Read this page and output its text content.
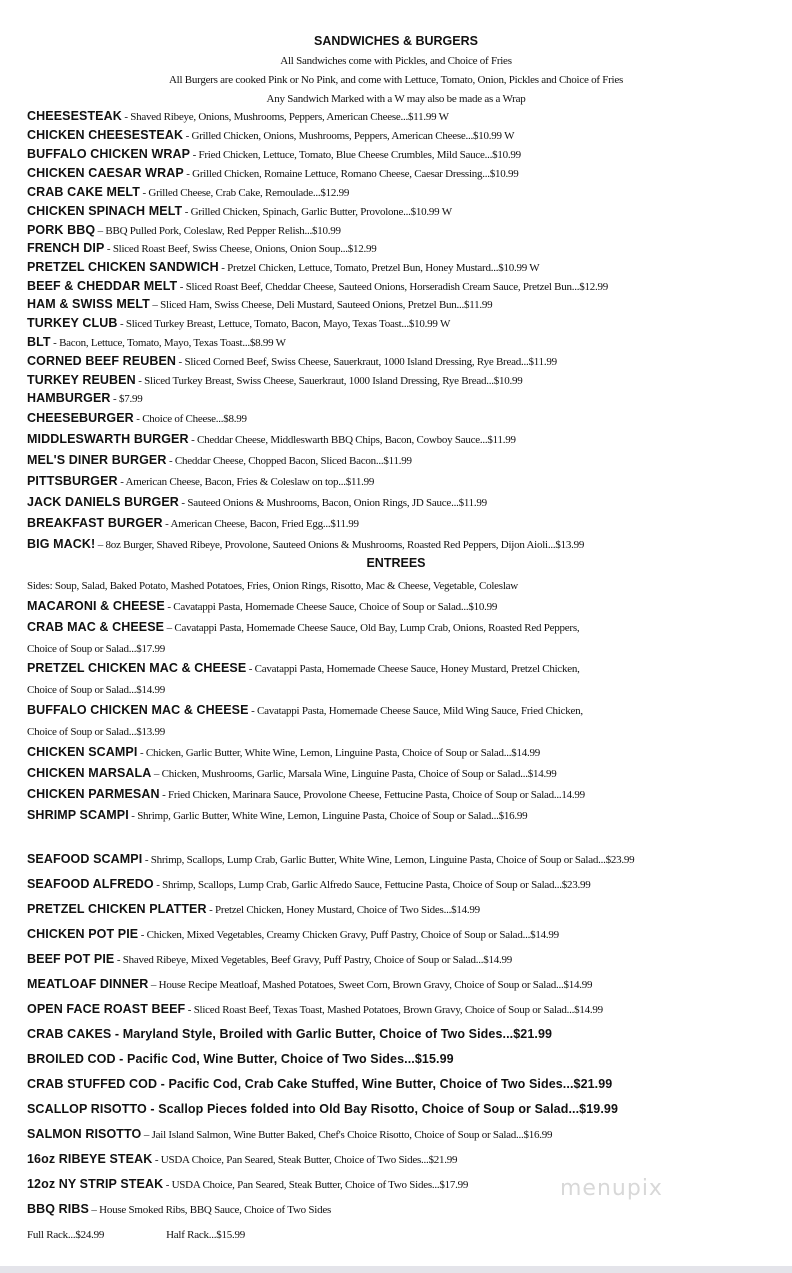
SANDWICHES & BURGERS
All Sandwiches come with Pickles, and Choice of Fries
All Burgers are cooked Pink or No Pink, and come with Lettuce, Tomato, Onion, Pickles and Choice of Fries
Any Sandwich Marked with a W may also be made as a Wrap
CHEESESTEAK - Shaved Ribeye, Onions, Mushrooms, Peppers, American Cheese...$11.99 W
CHICKEN CHEESESTEAK - Grilled Chicken, Onions, Mushrooms, Peppers, American Cheese...$10.99 W
BUFFALO CHICKEN WRAP - Fried Chicken, Lettuce, Tomato, Blue Cheese Crumbles, Mild Sauce...$10.99
CHICKEN CAESAR WRAP - Grilled Chicken, Romaine Lettuce, Romano Cheese, Caesar Dressing...$10.99
CRAB CAKE MELT - Grilled Cheese, Crab Cake, Remoulade...$12.99
CHICKEN SPINACH MELT - Grilled Chicken, Spinach, Garlic Butter, Provolone...$10.99 W
PORK BBQ – BBQ Pulled Pork, Coleslaw, Red Pepper Relish...$10.99
FRENCH DIP - Sliced Roast Beef, Swiss Cheese, Onions, Onion Soup...$12.99
PRETZEL CHICKEN SANDWICH - Pretzel Chicken, Lettuce, Tomato, Pretzel Bun, Honey Mustard...$10.99 W
BEEF & CHEDDAR MELT - Sliced Roast Beef, Cheddar Cheese, Sauteed Onions, Horseradish Cream Sauce, Pretzel Bun...$12.99
HAM & SWISS MELT – Sliced Ham, Swiss Cheese, Deli Mustard, Sauteed Onions, Pretzel Bun...$11.99
TURKEY CLUB - Sliced Turkey Breast, Lettuce, Tomato, Bacon, Mayo, Texas Toast...$10.99 W
BLT - Bacon, Lettuce, Tomato, Mayo, Texas Toast...$8.99 W
CORNED BEEF REUBEN - Sliced Corned Beef, Swiss Cheese, Sauerkraut, 1000 Island Dressing, Rye Bread...$11.99
TURKEY REUBEN - Sliced Turkey Breast, Swiss Cheese, Sauerkraut, 1000 Island Dressing, Rye Bread...$10.99
HAMBURGER - $7.99
CHEESEBURGER - Choice of Cheese...$8.99
MIDDLESWARTH BURGER - Cheddar Cheese, Middleswarth BBQ Chips, Bacon, Cowboy Sauce...$11.99
MEL'S DINER BURGER - Cheddar Cheese, Chopped Bacon, Sliced Bacon...$11.99
PITTSBURGER - American Cheese, Bacon, Fries & Coleslaw on top...$11.99
JACK DANIELS BURGER - Sauteed Onions & Mushrooms, Bacon, Onion Rings, JD Sauce...$11.99
BREAKFAST BURGER - American Cheese, Bacon, Fried Egg...$11.99
BIG MACK! – 8oz Burger, Shaved Ribeye, Provolone, Sauteed Onions & Mushrooms, Roasted Red Peppers, Dijon Aioli...$13.99
ENTREES
Sides: Soup, Salad, Baked Potato, Mashed Potatoes, Fries, Onion Rings, Risotto, Mac & Cheese, Vegetable, Coleslaw
MACARONI & CHEESE - Cavatappi Pasta, Homemade Cheese Sauce, Choice of Soup or Salad...$10.99
CRAB MAC & CHEESE – Cavatappi Pasta, Homemade Cheese Sauce, Old Bay, Lump Crab, Onions, Roasted Red Peppers,
Choice of Soup or Salad...$17.99
PRETZEL CHICKEN MAC & CHEESE - Cavatappi Pasta, Homemade Cheese Sauce, Honey Mustard, Pretzel Chicken,
Choice of Soup or Salad...$14.99
BUFFALO CHICKEN MAC & CHEESE - Cavatappi Pasta, Homemade Cheese Sauce, Mild Wing Sauce, Fried Chicken,
Choice of Soup or Salad...$13.99
CHICKEN SCAMPI - Chicken, Garlic Butter, White Wine, Lemon, Linguine Pasta, Choice of Soup or Salad...$14.99
CHICKEN MARSALA – Chicken, Mushrooms, Garlic, Marsala Wine, Linguine Pasta, Choice of Soup or Salad...$14.99
CHICKEN PARMESAN - Fried Chicken, Marinara Sauce, Provolone Cheese, Fettucine Pasta, Choice of Soup or Salad...14.99
SHRIMP SCAMPI - Shrimp, Garlic Butter, White Wine, Lemon, Linguine Pasta, Choice of Soup or Salad...$16.99
SEAFOOD SCAMPI - Shrimp, Scallops, Lump Crab, Garlic Butter, White Wine, Lemon, Linguine Pasta, Choice of Soup or Salad...$23.99
SEAFOOD ALFREDO - Shrimp, Scallops, Lump Crab, Garlic Alfredo Sauce, Fettucine Pasta, Choice of Soup or Salad...$23.99
PRETZEL CHICKEN PLATTER - Pretzel Chicken, Honey Mustard, Choice of Two Sides...$14.99
CHICKEN POT PIE - Chicken, Mixed Vegetables, Creamy Chicken Gravy, Puff Pastry, Choice of Soup or Salad...$14.99
BEEF POT PIE - Shaved Ribeye, Mixed Vegetables, Beef Gravy, Puff Pastry, Choice of Soup or Salad...$14.99
MEATLOAF DINNER – House Recipe Meatloaf, Mashed Potatoes, Sweet Corn, Brown Gravy, Choice of Soup or Salad...$14.99
OPEN FACE ROAST BEEF - Sliced Roast Beef, Texas Toast, Mashed Potatoes, Brown Gravy, Choice of Soup or Salad...$14.99
CRAB CAKES - Maryland Style, Broiled with Garlic Butter, Choice of Two Sides...$21.99
BROILED COD - Pacific Cod, Wine Butter, Choice of Two Sides...$15.99
CRAB STUFFED COD - Pacific Cod, Crab Cake Stuffed, Wine Butter, Choice of Two Sides...$21.99
SCALLOP RISOTTO - Scallop Pieces folded into Old Bay Risotto, Choice of Soup or Salad...$19.99
SALMON RISOTTO – Jail Island Salmon, Wine Butter Baked, Chef's Choice Risotto, Choice of Soup or Salad...$16.99
16oz RIBEYE STEAK - USDA Choice, Pan Seared, Steak Butter, Choice of Two Sides...$21.99
12oz NY STRIP STEAK - USDA Choice, Pan Seared, Steak Butter, Choice of Two Sides...$17.99
BBQ RIBS – House Smoked Ribs, BBQ Sauce, Choice of Two Sides
Full Rack...$24.99	Half Rack...$15.99
menupix
